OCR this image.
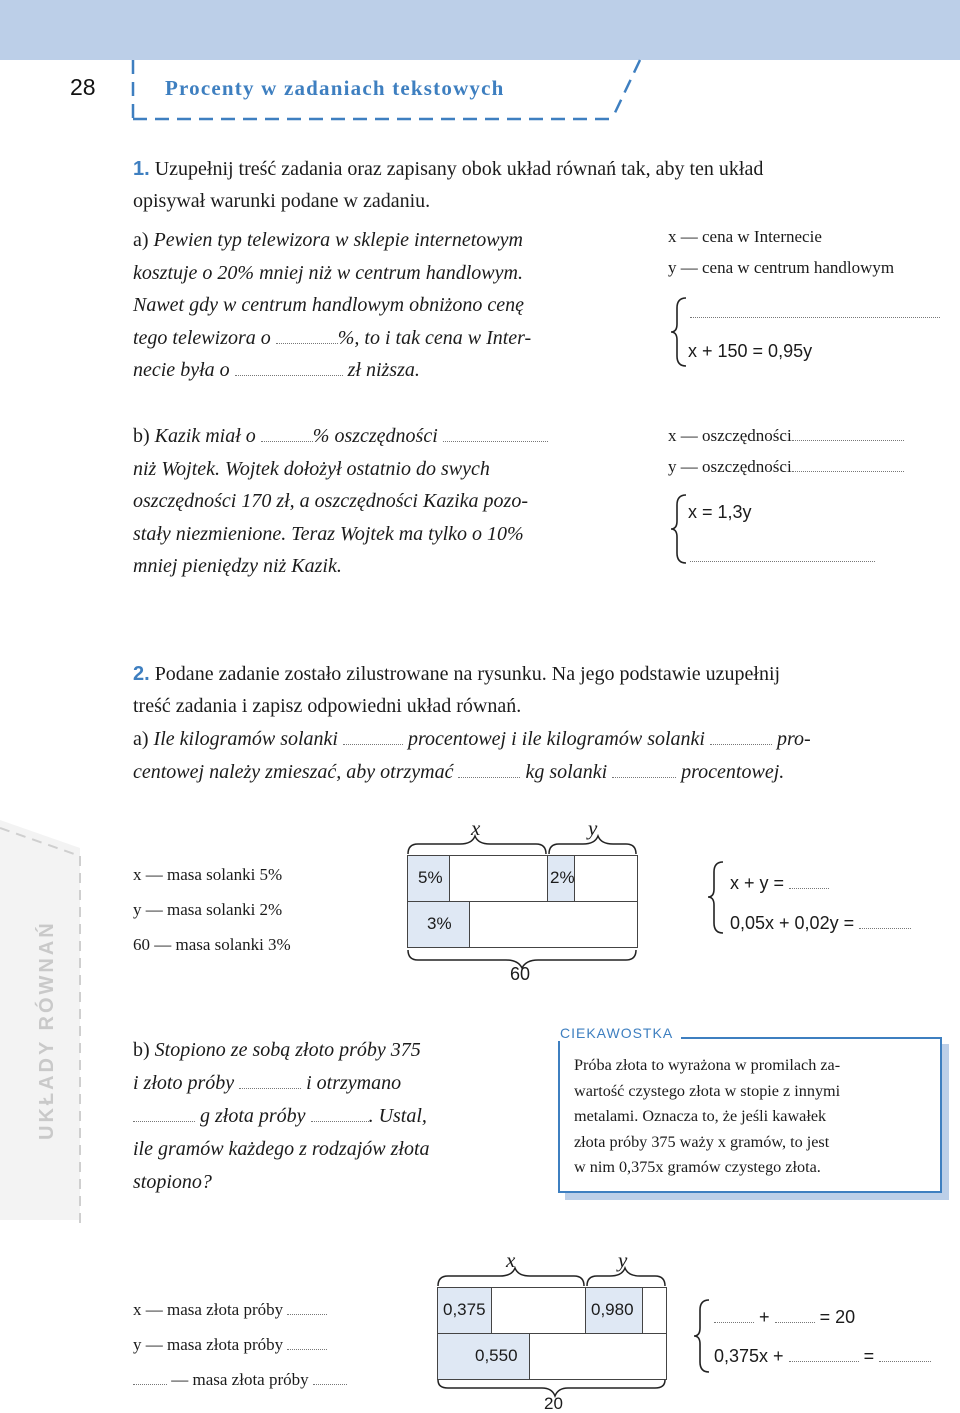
28	Procenty w zadaniach tekstowych
UKŁADY RÓWNAŃ
1. Uzupełnij treść zadania oraz zapisany obok układ równań tak, aby ten układ
opisywał warunki podane w zadaniu.
a) Pewien typ telewizora w sklepie internetowym
kosztuje o 20% mniej niż w centrum handlowym.
Nawet gdy w centrum handlowym obniżono cenę
tego telewizora o	%, to i tak cena w Inter-
necie była o	zł niższa.
x — cena w Internecie
y — cena w centrum handlowym
x + 150 = 0,95y
b) Kazik miał o	% oszczędności
niż Wojtek. Wojtek dołożył ostatnio do swych
oszczędności 170 zł, a oszczędności Kazika pozo-
stały niezmienione. Teraz Wojtek ma tylko o 10%
mniej pieniędzy niż Kazik.
x — oszczędności
y — oszczędności
x = 1,3y
2. Podane zadanie zostało zilustrowane na rysunku. Na jego podstawie uzupełnij
treść zadania i zapisz odpowiedni układ równań.
a) Ile kilogramów solanki	procentowej i ile kilogramów solanki	pro-
centowej należy zmieszać, aby otrzymać	kg solanki	procentowej.
x — masa solanki 5%
y — masa solanki 2%
60 — masa solanki 3%
x	y
5%	2%
3%
60
x + y =
0,05x + 0,02y =
b) Stopiono ze sobą złoto próby 375
i złoto próby	i otrzymano
g złota próby	. Ustal,
ile gramów każdego z rodzajów złota
stopiono?
CIEKAWOSTKA
Próba złota to wyrażona w promilach za-
wartość czystego złota w stopie z innymi
metalami. Oznacza to, że jeśli kawałek
złota próby 375 waży x gramów, to jest
w nim 0,375x gramów czystego złota.
x — masa złota próby
y — masa złota próby
— masa złota próby
x	y
0,375	0,980
0,550
20
+	= 20
0,375x +	=
